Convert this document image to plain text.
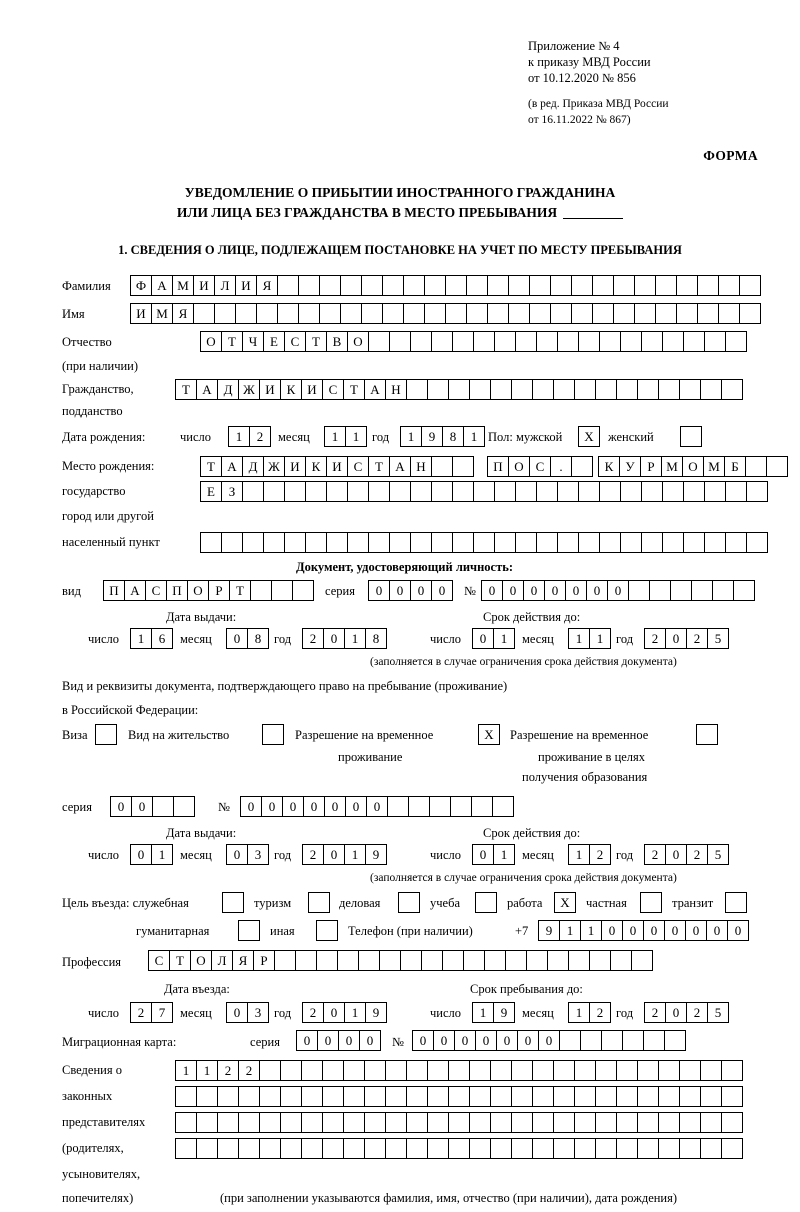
Приложение № 4
к приказу МВД России
от 10.12.2020 № 856
(в ред. Приказа МВД России
от 16.11.2022 № 867)
ФОРМА
УВЕДОМЛЕНИЕ О ПРИБЫТИИ ИНОСТРАННОГО ГРАЖДАНИНА
ИЛИ ЛИЦА БЕЗ ГРАЖДАНСТВА В МЕСТО ПРЕБЫВАНИЯ
1. СВЕДЕНИЯ О ЛИЦЕ, ПОДЛЕЖАЩЕМ ПОСТАНОВКЕ НА УЧЕТ ПО МЕСТУ ПРЕБЫВАНИЯ
Фамилия	Ф А М И Л И Я
Имя	И М Я
Отчество	О Т Ч Е С Т В О
(при наличии)
Гражданство,	Т А Д Ж И К И С Т А Н
подданство
Дата рождения:	число	1	2	месяц	1	1	год	1	9	8	1 Пол: мужской	X	женский
Место рождения:	Т А Д Ж И К И С Т А Н	П О С	.	К У Р М О М Б
государство	Е	З
город или другой
населенный пункт
Документ, удостоверяющий личность:
вид	П А С П О Р	Т	серия	0	0	0	0	№ 0	0	0	0	0	0	0
Дата выдачи:	Срок действия до:
число	1	6	месяц	0	8	год	2	0	1	8	число	0	1	месяц	1	1	год	2	0	2	5
(заполняется в случае ограничения срока действия документа)
Вид и реквизиты документа, подтверждающего право на пребывание (проживание)
в Российской Федерации:
Виза	Вид на жительство	Разрешение на временное	X	Разрешение на временное
проживание	проживание в целях
получения образования
серия	0	0	№	0	0	0	0	0	0	0
Дата выдачи:	Срок действия до:
число	0	1	месяц	0	3	год	2	0	1	9	число	0	1	месяц	1	2	год	2	0	2	5
(заполняется в случае ограничения срока действия документа)
Цель въезда: служебная	туризм	деловая	учеба	работа	X	частная	транзит
гуманитарная	иная	Телефон (при наличии)	+7	9	1	1	0	0	0	0	0	0	0
Профессия	С Т О Л Я	Р
Дата въезда:	Срок пребывания до:
число	2	7	месяц	0	3	год	2	0	1	9	число	1	9	месяц	1	2	год	2	0	2	5
Миграционная карта:	серия	0	0	0	0	№	0	0	0	0	0	0	0
Сведения о	1	1	2	2
законных
представителях
(родителях,
усыновителях,
попечителях)	(при заполнении указываются фамилия, имя, отчество (при наличии), дата рождения)
